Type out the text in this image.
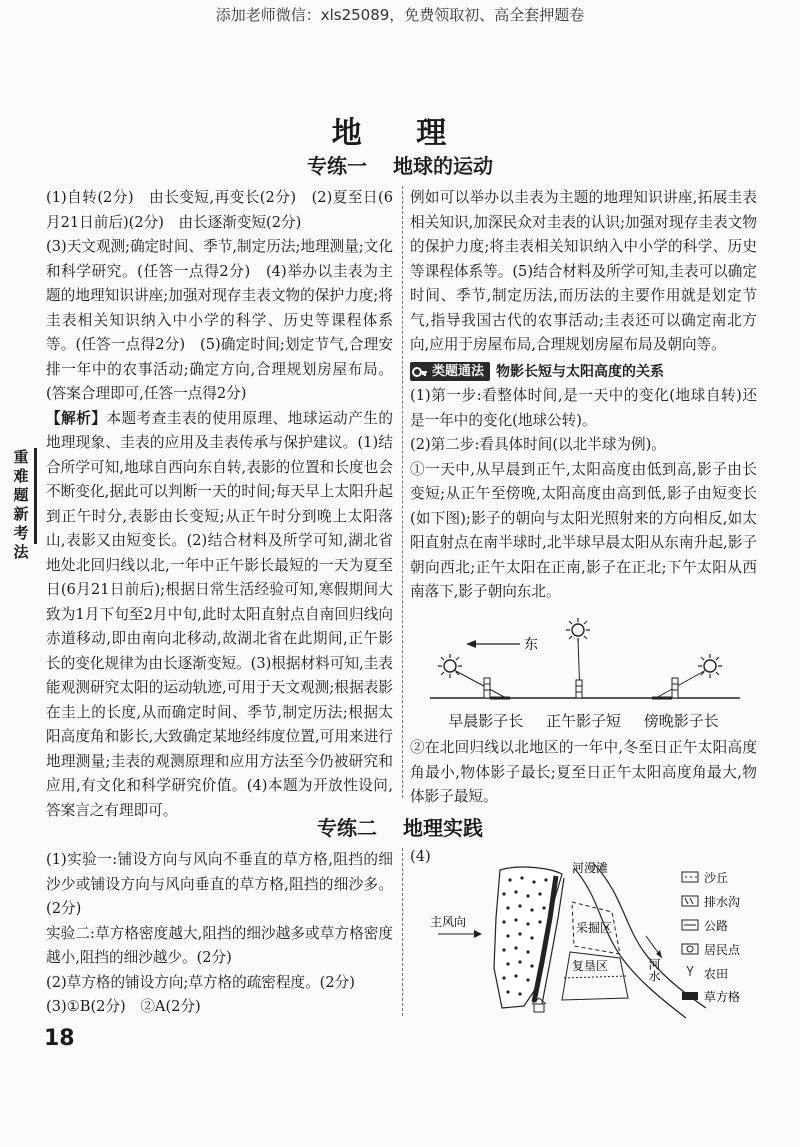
添加老师微信：xls25089，免费领取初、高全套押题卷
地 理
专练一 地球的运动
重难题新考法

(1)自转(2分)　由长变短,再变长(2分)　(2)夏至日(6月21日前后)(2分)　由长逐渐变短(2分)

(3)天文观测;确定时间、季节,制定历法;地理测量;文化和科学研究。(任答一点得2分)　(4)举办以圭表为主题的地理知识讲座;加强对现存圭表文物的保护力度;将圭表相关知识纳入中小学的科学、历史等课程体系等。(任答一点得2分)　(5)确定时间;划定节气,合理安排一年中的农事活动;确定方向,合理规划房屋布局。(答案合理即可,任答一点得2分)

【解析】本题考查圭表的使用原理、地球运动产生的地理现象、圭表的应用及圭表传承与保护建议。(1)结合所学可知,地球自西向东自转,表影的位置和长度也会不断变化,据此可以判断一天的时间;每天早上太阳升起到正午时分,表影由长变短;从正午时分到晚上太阳落山,表影又由短变长。(2)结合材料及所学可知,湖北省地处北回归线以北,一年中正午影长最短的一天为夏至日(6月21日前后);根据日常生活经验可知,寒假期间大致为1月下旬至2月中旬,此时太阳直射点自南回归线向赤道移动,即由南向北移动,故湖北省在此期间,正午影长的变化规律为由长逐渐变短。(3)根据材料可知,圭表能观测研究太阳的运动轨迹,可用于天文观测;根据表影在圭上的长度,从而确定时间、季节,制定历法;根据太阳高度角和影长,大致确定某地经纬度位置,可用来进行地理测量;圭表的观测原理和应用方法至今仍被研究和应用,有文化和科学研究价值。(4)本题为开放性设问,答案言之有理即可。

例如可以举办以圭表为主题的地理知识讲座,拓展圭表相关知识,加深民众对圭表的认识;加强对现存圭表文物的保护力度;将圭表相关知识纳入中小学的科学、历史等课程体系等。(5)结合材料及所学可知,圭表可以确定时间、季节,制定历法,而历法的主要作用就是划定节气,指导我国古代的农事活动;圭表还可以确定南北方向,应用于房屋布局,合理规划房屋布局及朝向等。

类题通法 物影长短与太阳高度的关系

(1)第一步:看整体时间,是一天中的变化(地球自转)还是一年中的变化(地球公转)。

(2)第二步:看具体时间(以北半球为例)。

①一天中,从早晨到正午,太阳高度由低到高,影子由长变短;从正午至傍晚,太阳高度由高到低,影子由短变长(如下图);影子的朝向与太阳光照射来的方向相反,如太阳直射点在南半球时,北半球早晨太阳从东南升起,影子朝向西北;正午太阳在正南,影子在正北;下午太阳从西南落下,影子朝向东北。

东
早晨影子长 正午影子短 傍晚影子长

②在北回归线以北地区的一年中,冬至日正午太阳高度角最小,物体影子最长;夏至日正午太阳高度角最大,物体影子最短。

专练二 地理实践

(1)实验一:铺设方向与风向不垂直的草方格,阻挡的细沙少或铺设方向与风向垂直的草方格,阻挡的细沙多。(2分)

实验二:草方格密度越大,阻挡的细沙越多或草方格密度越小,阻挡的细沙越少。(2分)

(2)草方格的铺设方向;草方格的疏密程度。(2分)

(3)①B(2分)　②A(2分)

(4)
河漫滩
主风向	采掘区
复垦区	河水
沙丘
排水沟
公路
居民点
农田
草方格
18
